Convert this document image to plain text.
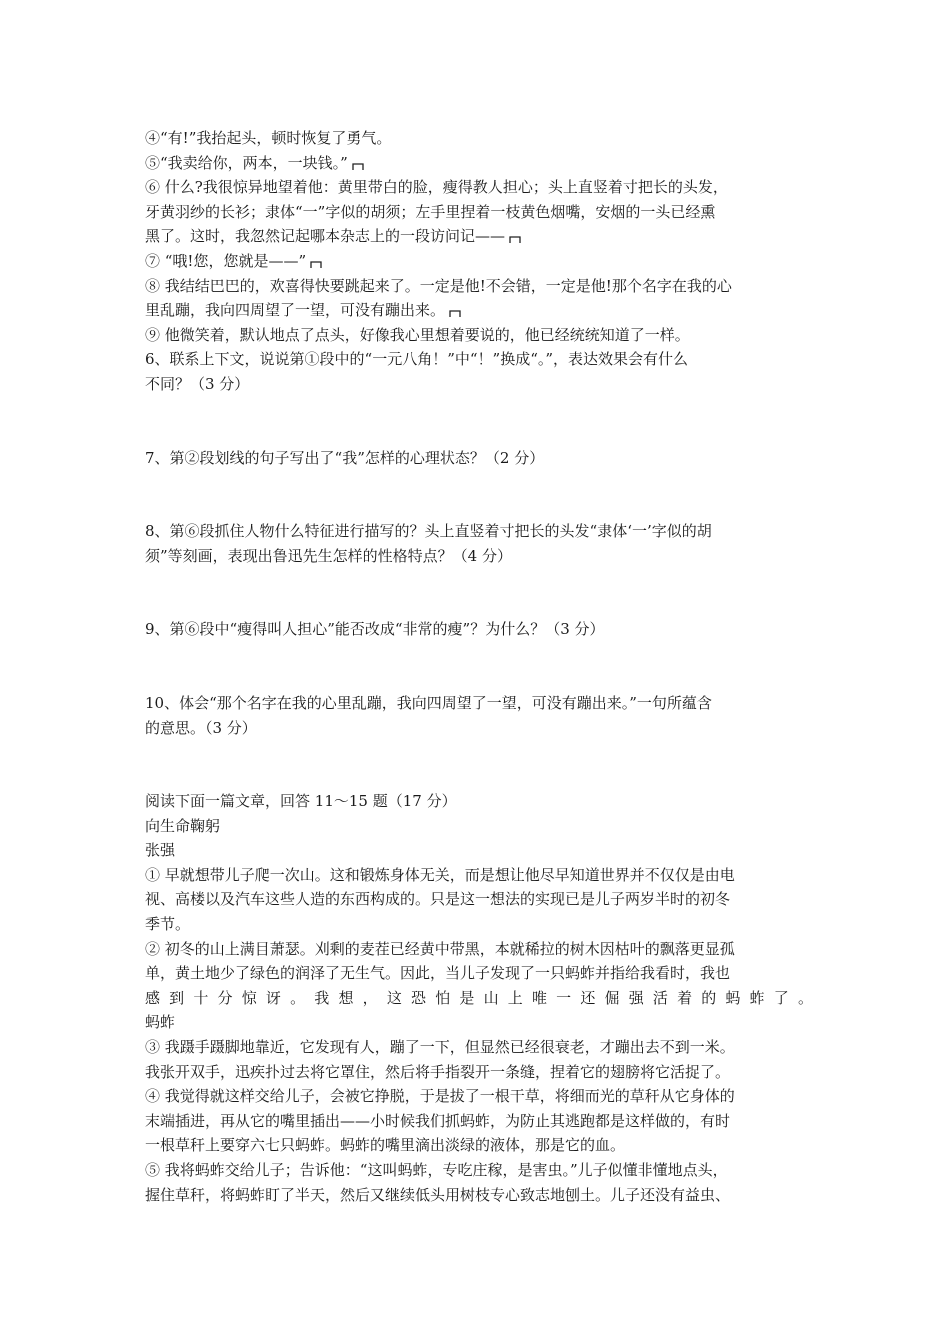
④“有!”我抬起头，顿时恢复了勇气。
⑤“我卖给你，两本，一块钱。”
⑥ 什么?我很惊异地望着他：黄里带白的脸，瘦得教人担心；头上直竖着寸把长的头发，
牙黄羽纱的长衫；隶体“一”字似的胡须；左手里捏着一枝黄色烟嘴，安烟的一头已经熏
黑了。这时，我忽然记起哪本杂志上的一段访问记——
⑦ “哦!您，您就是——”
⑧ 我结结巴巴的，欢喜得快要跳起来了。一定是他!不会错，一定是他!那个名字在我的心
里乱蹦，我向四周望了一望，可没有蹦出来。
⑨ 他微笑着，默认地点了点头，好像我心里想着要说的，他已经统统知道了一样。
6、联系上下文，说说第①段中的“一元八角！”中“！”换成“。”，表达效果会有什么
不同？（3 分）
7、第②段划线的句子写出了“我”怎样的心理状态？（2 分）
8、第⑥段抓住人物什么特征进行描写的？头上直竖着寸把长的头发“隶体‘一’字似的胡
须”等刻画，表现出鲁迅先生怎样的性格特点？（4 分）
9、第⑥段中“瘦得叫人担心”能否改成“非常的瘦”？为什么？（3 分）
10、体会“那个名字在我的心里乱蹦，我向四周望了一望，可没有蹦出来。”一句所蕴含
的意思。（3 分）
阅读下面一篇文章，回答 11～15 题（17 分）
向生命鞠躬
张强
① 早就想带儿子爬一次山。这和锻炼身体无关，而是想让他尽早知道世界并不仅仅是由电
视、高楼以及汽车这些人造的东西构成的。只是这一想法的实现已是儿子两岁半时的初冬
季节。
② 初冬的山上满目萧瑟。刈剩的麦茬已经黄中带黑，本就稀拉的树木因枯叶的飘落更显孤
单，黄土地少了绿色的润泽了无生气。因此，当儿子发现了一只蚂蚱并指给我看时，我也
感到十分惊讶。我想，这恐怕是山上唯一还倔强活着的蚂蚱了。
蚂蚱
③ 我蹑手蹑脚地靠近，它发现有人，蹦了一下，但显然已经很衰老，才蹦出去不到一米。
我张开双手，迅疾扑过去将它罩住，然后将手指裂开一条缝，捏着它的翅膀将它活捉了。
④ 我觉得就这样交给儿子，会被它挣脱，于是拔了一根干草，将细而光的草秆从它身体的
末端插进，再从它的嘴里插出——小时候我们抓蚂蚱，为防止其逃跑都是这样做的，有时
一根草秆上要穿六七只蚂蚱。蚂蚱的嘴里滴出淡绿的液体，那是它的血。
⑤ 我将蚂蚱交给儿子；告诉他：“这叫蚂蚱，专吃庄稼，是害虫。”儿子似懂非懂地点头，
握住草秆，将蚂蚱盯了半天，然后又继续低头用树枝专心致志地刨土。儿子还没有益虫、
